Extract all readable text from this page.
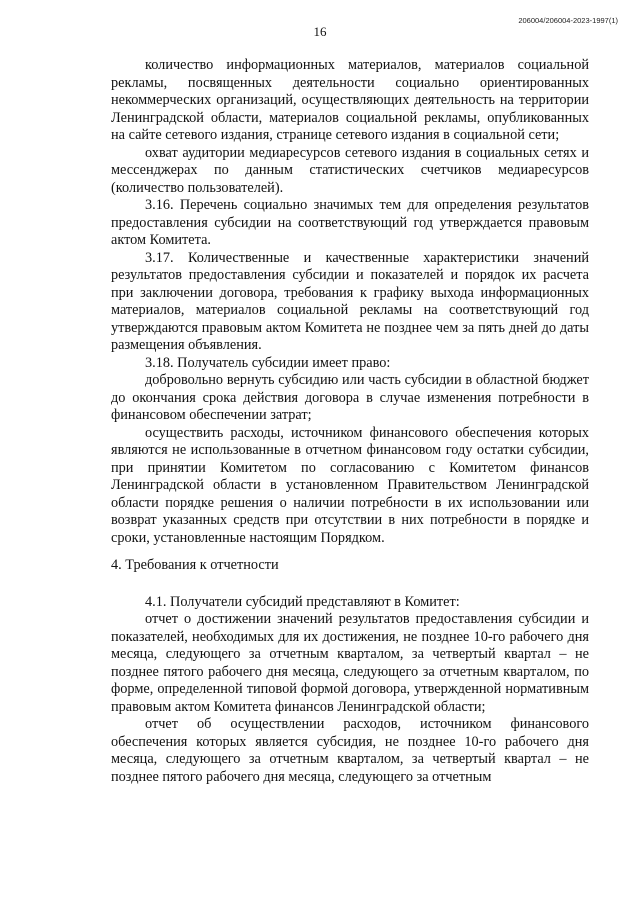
16
206004/206004-2023-1997(1)

количество информационных материалов, материалов социальной рекламы, посвященных деятельности социально ориентированных некоммерческих организаций, осуществляющих деятельность на территории Ленинградской области, материалов социальной рекламы, опубликованных на сайте сетевого издания, странице сетевого издания в социальной сети;

охват аудитории медиаресурсов сетевого издания в социальных сетях и мессенджерах по данным статистических счетчиков медиаресурсов (количество пользователей).

3.16. Перечень социально значимых тем для определения результатов предоставления субсидии на соответствующий год утверждается правовым актом Комитета.

3.17. Количественные и качественные характеристики значений результатов предоставления субсидии и показателей и порядок их расчета при заключении договора, требования к графику выхода информационных материалов, материалов социальной рекламы на соответствующий год утверждаются правовым актом Комитета не позднее чем за пять дней до даты размещения объявления.

3.18. Получатель субсидии имеет право:

добровольно вернуть субсидию или часть субсидии в областной бюджет до окончания срока действия договора в случае изменения потребности в финансовом обеспечении затрат;

осуществить расходы, источником финансового обеспечения которых являются не использованные в отчетном финансовом году остатки субсидии, при принятии Комитетом по согласованию с Комитетом финансов Ленинградской области в установленном Правительством Ленинградской области порядке решения о наличии потребности в их использовании или возврат указанных средств при отсутствии в них потребности в порядке и сроки, установленные настоящим Порядком.

4. Требования к отчетности

4.1. Получатели субсидий представляют в Комитет:

отчет о достижении значений результатов предоставления субсидии и показателей, необходимых для их достижения, не позднее 10-го рабочего дня месяца, следующего за отчетным кварталом, за четвертый квартал – не позднее пятого рабочего дня месяца, следующего за отчетным кварталом, по форме, определенной типовой формой договора, утвержденной нормативным правовым актом Комитета финансов Ленинградской области;

отчет об осуществлении расходов, источником финансового обеспечения которых является субсидия, не позднее 10-го рабочего дня месяца, следующего за отчетным кварталом, за четвертый квартал – не позднее пятого рабочего дня месяца, следующего за отчетным
